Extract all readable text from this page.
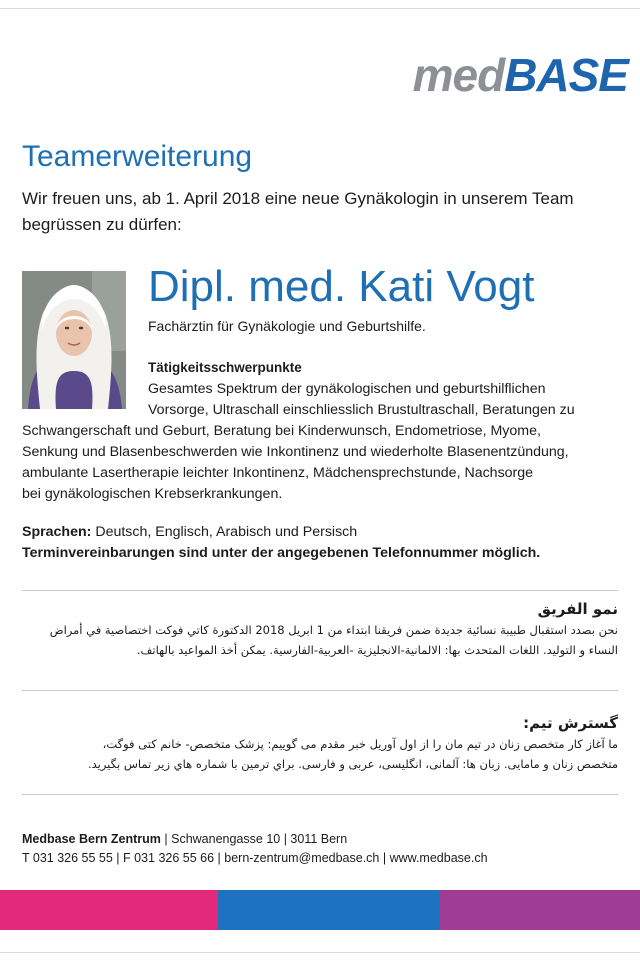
medBASE
Teamerweiterung
Wir freuen uns, ab 1. April 2018 eine neue Gynäkologin in unserem Team begrüssen zu dürfen:
Dipl. med. Kati Vogt
Fachärztin für Gynäkologie und Geburtshilfe.
Tätigkeitsschwerpunkte
Gesamtes Spektrum der gynäkologischen und geburtshilflichen
Vorsorge, Ultraschall einschliesslich Brustultraschall, Beratungen zu
Schwangerschaft und Geburt, Beratung bei Kinderwunsch, Endometriose, Myome,
Senkung und Blasenbeschwerden wie Inkontinenz und wiederholte Blasenentzündung,
ambulante Lasertherapie leichter Inkontinenz, Mädchensprechstunde, Nachsorge
bei gynäkologischen Krebserkrankungen.
Sprachen: Deutsch, Englisch, Arabisch und Persisch
Terminvereinbarungen sind unter der angegebenen Telefonnummer möglich.
نمو الفريق
نحن بصدد استقبال طبيبة نسائية جديدة ضمن فريقنا ابتداء من 1 ابريل 2018 الدكتورة كاتي فوكت اختصاصية في أمراض
النساء و التوليد. اللغات المتحدث بها: الالمانية-الانجليزية -العربية-الفارسية. يمكن أخذ المواعيد بالهاتف.
گسترش تيم:
ما آغاز كار متخصص زنان در تيم مان را از اول آوريل خبر مقدم مى گوييم: پزشک متخصص- خانم كتى فوگت،
متخصص زنان و مامايى. زبان ها: آلمانى، انگليسى، عربى و فارسى. براي ترمين با شماره هاي زير تماس بگيريد.
Medbase Bern Zentrum | Schwanengasse 10 | 3011 Bern
T 031 326 55 55 | F 031 326 55 66 | bern-zentrum@medbase.ch | www.medbase.ch
